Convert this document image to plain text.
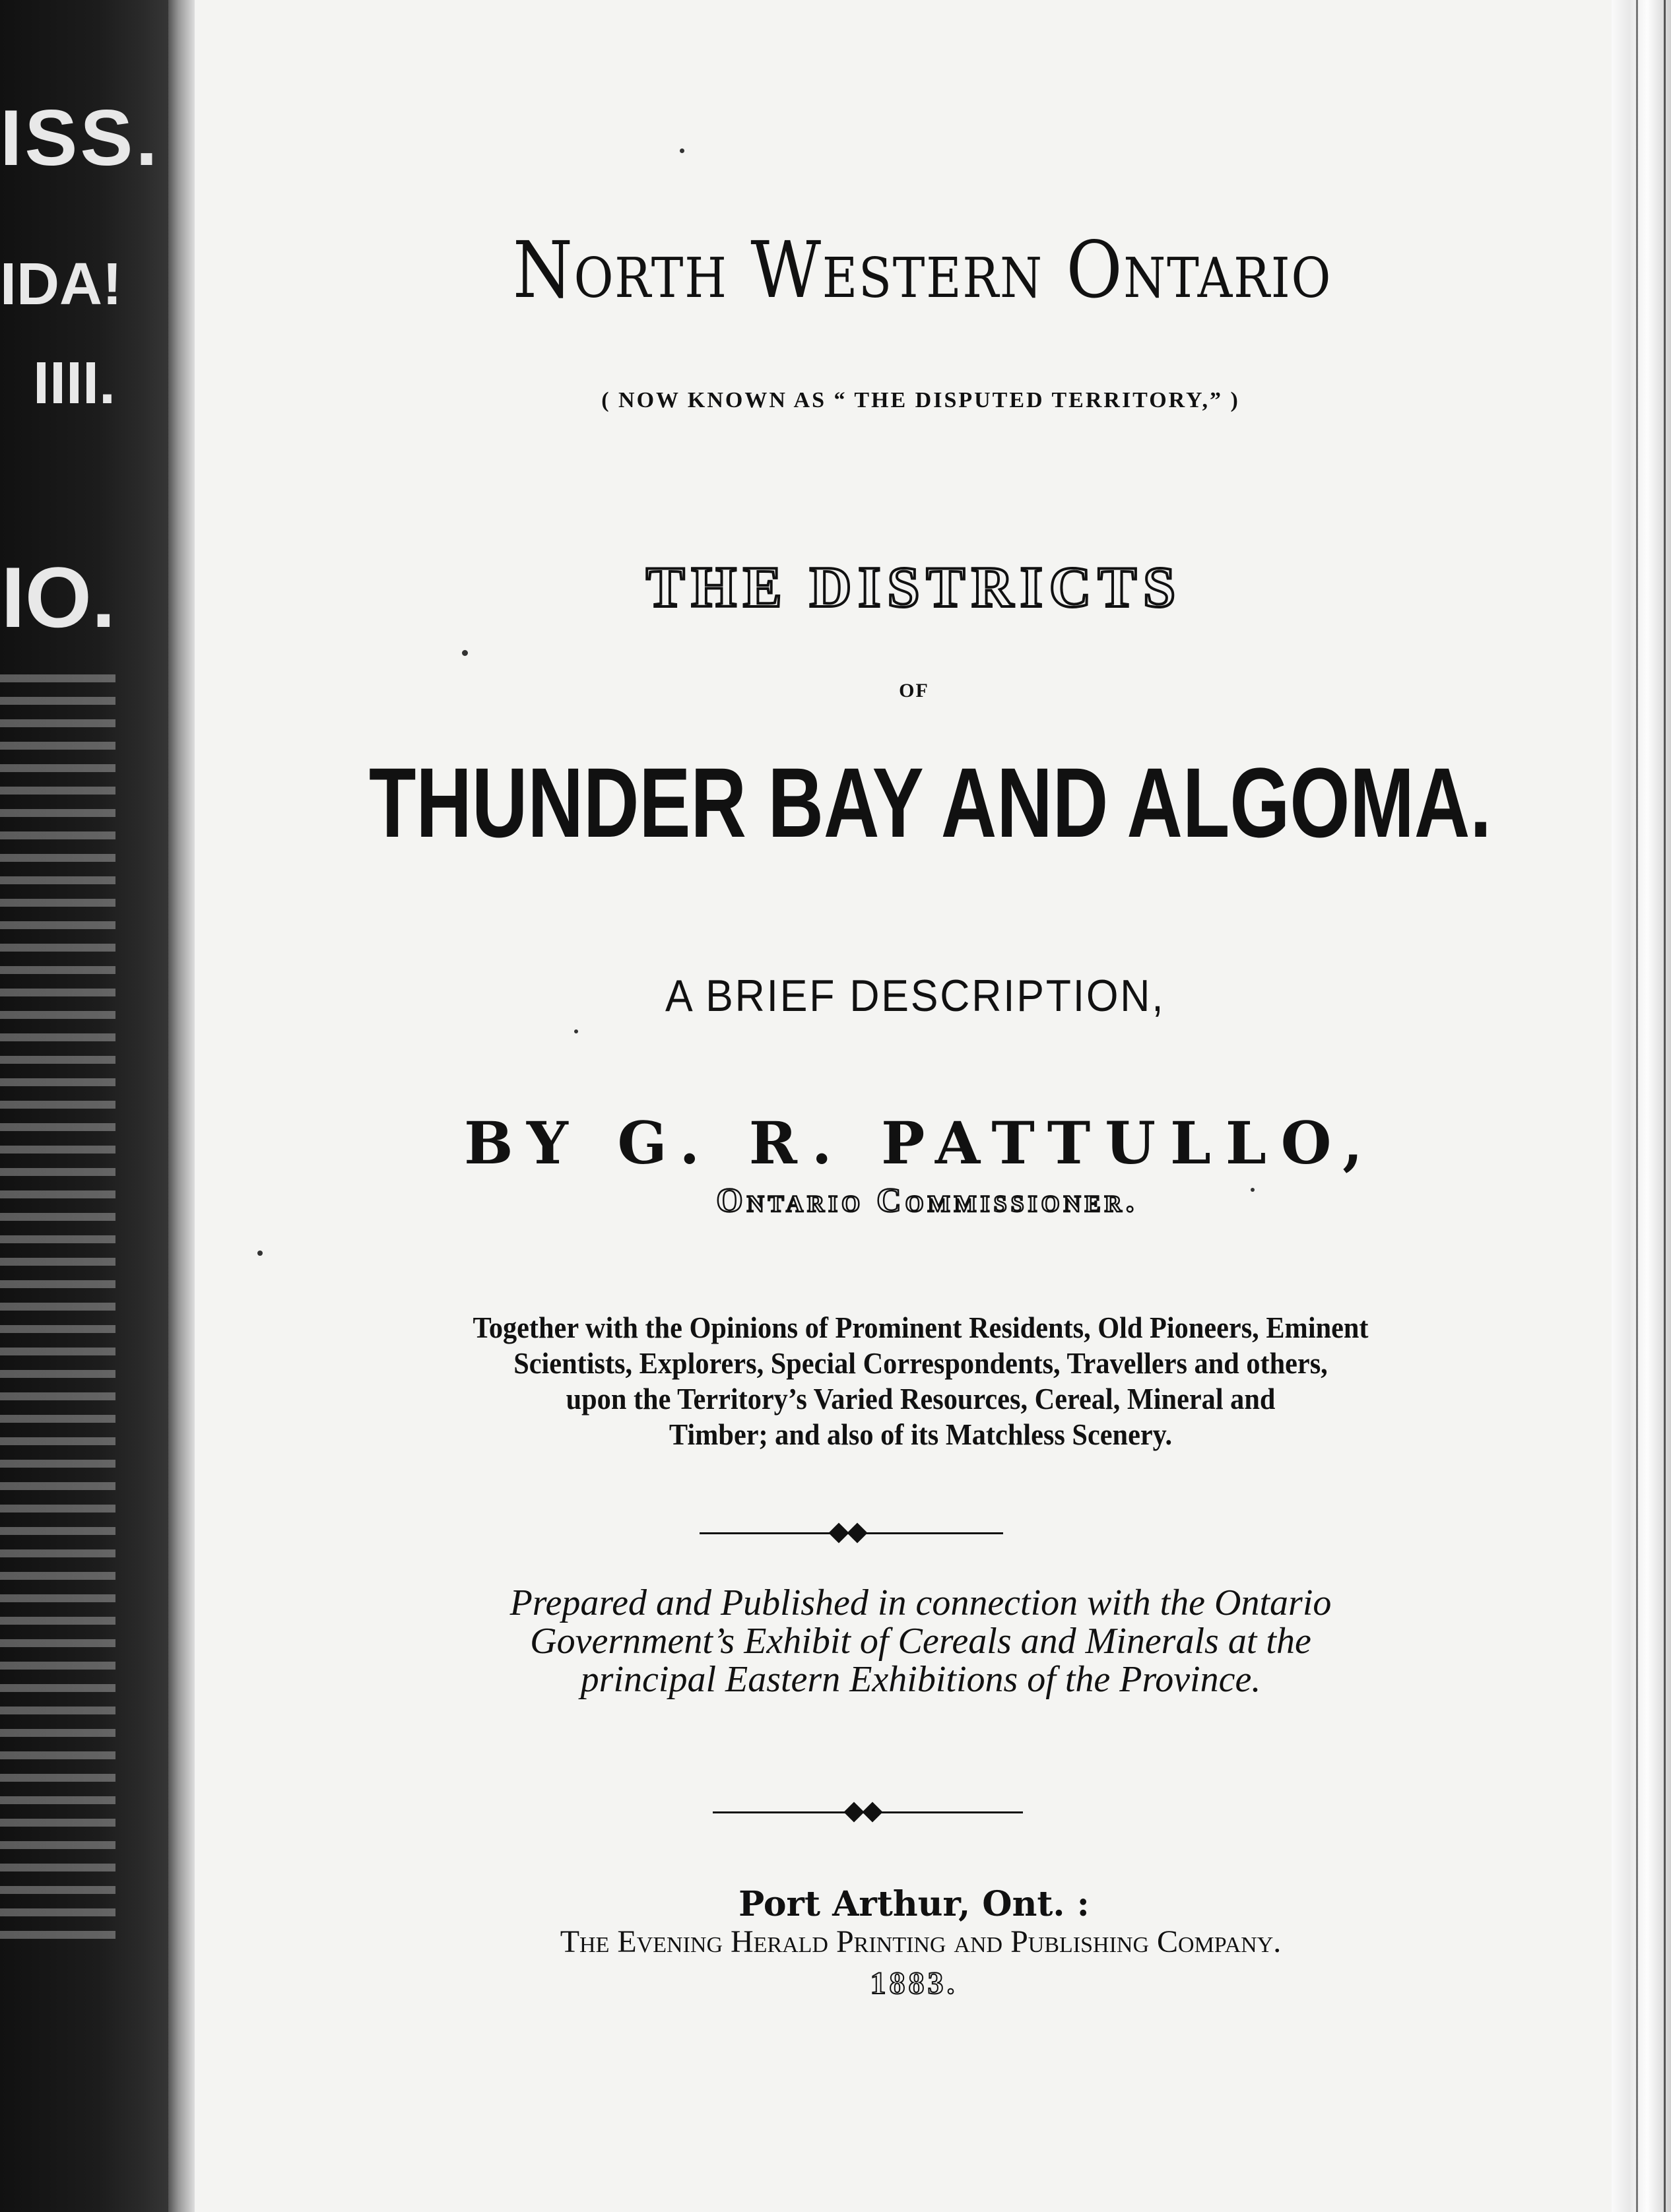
ISS.
IDA!
IIII.
IO.
North Western Ontario
( NOW KNOWN AS “ THE DISPUTED TERRITORY,” )
THE DISTRICTS
OF
THUNDER BAY AND ALGOMA.
A BRIEF DESCRIPTION,
BY G. R. PATTULLO,
Ontario Commissioner.
Together with the Opinions of Prominent Residents, Old Pioneers, Eminent
Scientists, Explorers, Special Correspondents, Travellers and others,
upon the Territory’s Varied Resources, Cereal, Mineral and
Timber; and also of its Matchless Scenery.
Prepared and Published in connection with the Ontario
Government’s Exhibit of Cereals and Minerals at the
principal Eastern Exhibitions of the Province.
Port Arthur, Ont. :
The Evening Herald Printing and Publishing Company.
1883.
